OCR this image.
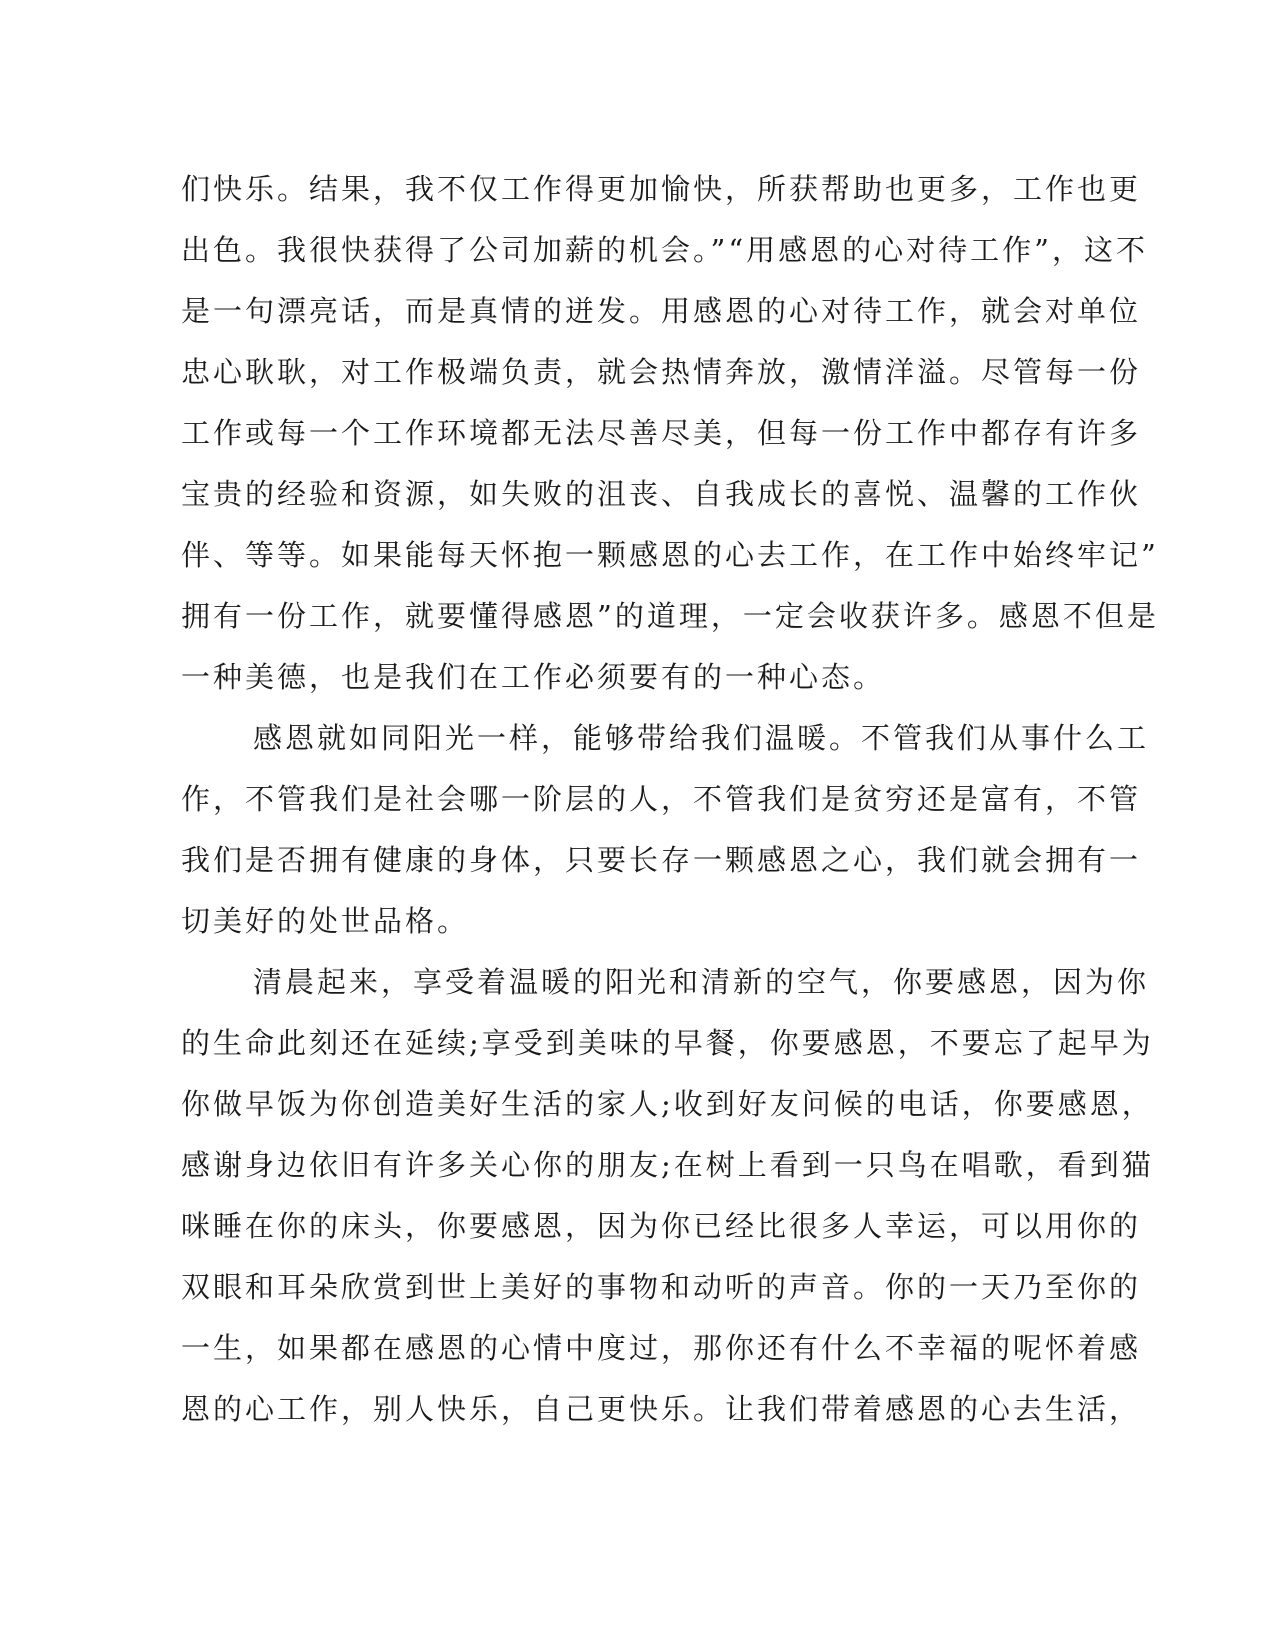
们快乐。结果，我不仅工作得更加愉快，所获帮助也更多，工作也更
出色。我很快获得了公司加薪的机会。”“用感恩的心对待工作”，这不
是一句漂亮话，而是真情的迸发。用感恩的心对待工作，就会对单位
忠心耿耿，对工作极端负责，就会热情奔放，激情洋溢。尽管每一份
工作或每一个工作环境都无法尽善尽美，但每一份工作中都存有许多
宝贵的经验和资源，如失败的沮丧、自我成长的喜悦、温馨的工作伙
伴、等等。如果能每天怀抱一颗感恩的心去工作，在工作中始终牢记”
拥有一份工作，就要懂得感恩”的道理，一定会收获许多。感恩不但是
一种美德，也是我们在工作必须要有的一种心态。
感恩就如同阳光一样，能够带给我们温暖。不管我们从事什么工
作，不管我们是社会哪一阶层的人，不管我们是贫穷还是富有，不管
我们是否拥有健康的身体，只要长存一颗感恩之心，我们就会拥有一
切美好的处世品格。
清晨起来，享受着温暖的阳光和清新的空气，你要感恩，因为你
的生命此刻还在延续;享受到美味的早餐，你要感恩，不要忘了起早为
你做早饭为你创造美好生活的家人;收到好友问候的电话，你要感恩，
感谢身边依旧有许多关心你的朋友;在树上看到一只鸟在唱歌，看到猫
咪睡在你的床头，你要感恩，因为你已经比很多人幸运，可以用你的
双眼和耳朵欣赏到世上美好的事物和动听的声音。你的一天乃至你的
一生，如果都在感恩的心情中度过，那你还有什么不幸福的呢怀着感
恩的心工作，别人快乐，自己更快乐。让我们带着感恩的心去生活，
